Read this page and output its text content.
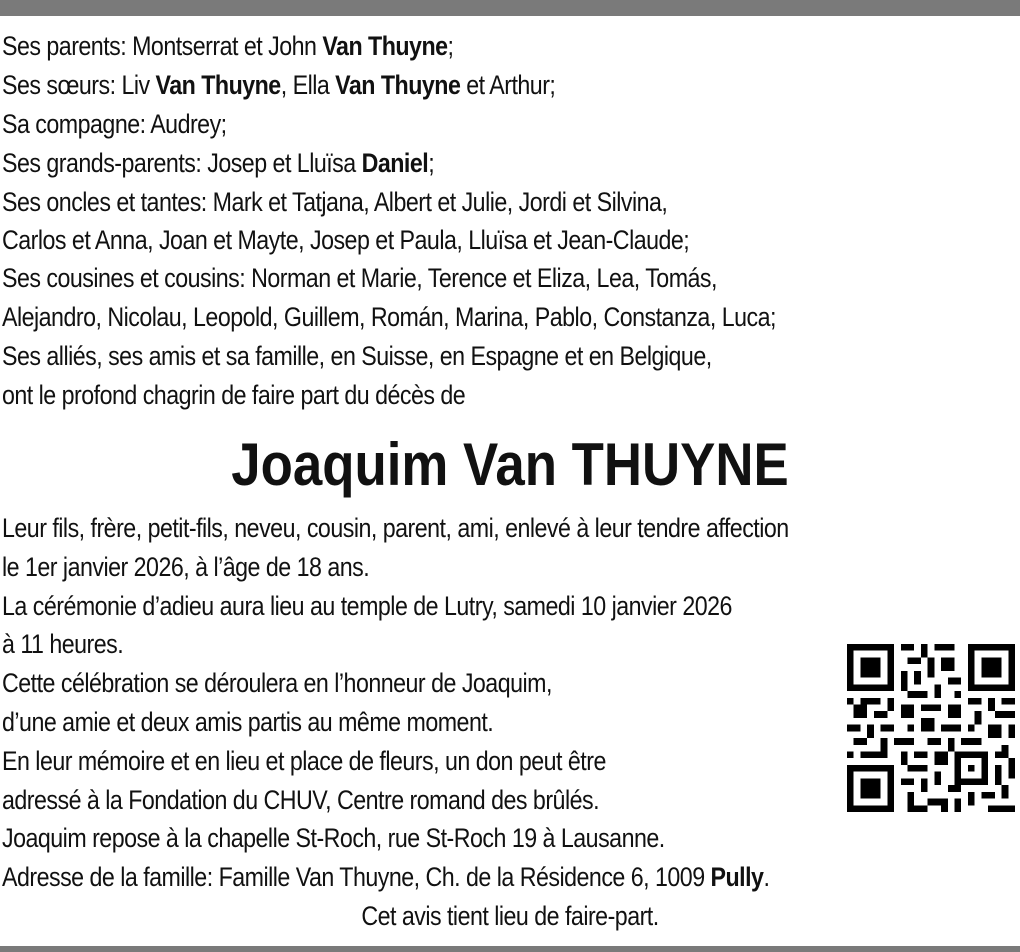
Ses parents: Montserrat et John Van Thuyne;
Ses sœurs: Liv Van Thuyne, Ella Van Thuyne et Arthur;
Sa compagne: Audrey;
Ses grands-parents: Josep et Lluïsa Daniel;
Ses oncles et tantes: Mark et Tatjana, Albert et Julie, Jordi et Silvina,
Carlos et Anna, Joan et Mayte, Josep et Paula, Lluïsa et Jean-Claude;
Ses cousines et cousins: Norman et Marie, Terence et Eliza, Lea, Tomás,
Alejandro, Nicolau, Leopold, Guillem, Román, Marina, Pablo, Constanza, Luca;
Ses alliés, ses amis et sa famille, en Suisse, en Espagne et en Belgique,
ont le profond chagrin de faire part du décès de
Joaquim Van THUYNE
Leur fils, frère, petit-fils, neveu, cousin, parent, ami, enlevé à leur tendre affection
le 1er janvier 2026, à l’âge de 18 ans.
La cérémonie d’adieu aura lieu au temple de Lutry, samedi 10 janvier 2026
à 11 heures.
Cette célébration se déroulera en l’honneur de Joaquim,
d’une amie et deux amis partis au même moment.
En leur mémoire et en lieu et place de fleurs, un don peut être
adressé à la Fondation du CHUV, Centre romand des brûlés.
Joaquim repose à la chapelle St-Roch, rue St-Roch 19 à Lausanne.
Adresse de la famille: Famille Van Thuyne, Ch. de la Résidence 6, 1009 Pully.
Cet avis tient lieu de faire-part.
